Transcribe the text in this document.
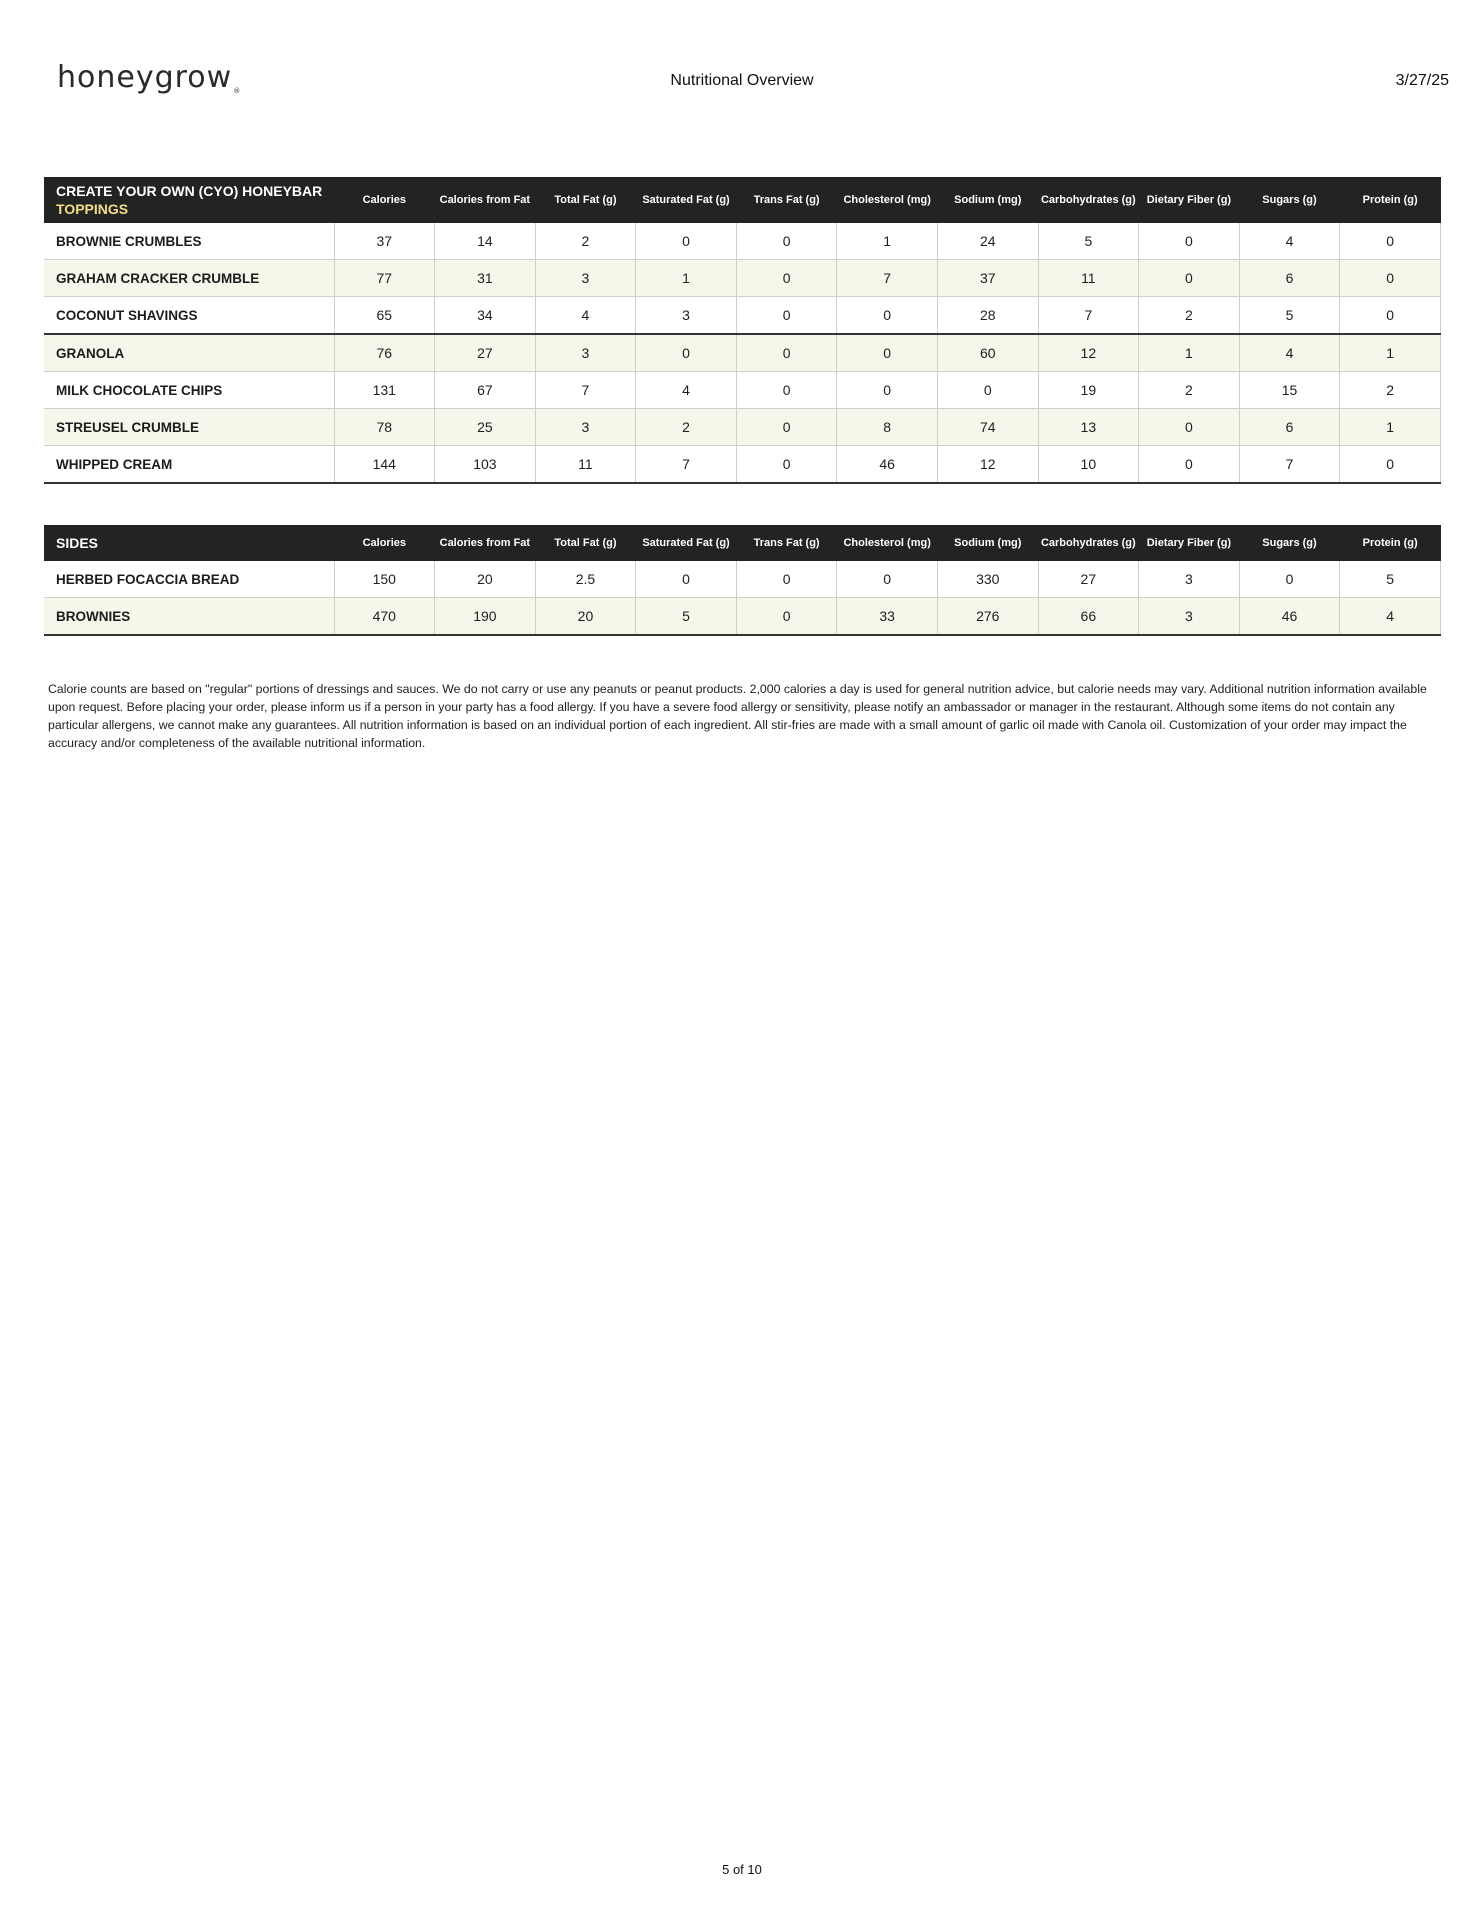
honeygrow®
Nutritional Overview	3/27/25
CREATE YOUR OWN (CYO) HONEYBAR
TOPPINGS	Calories	Calories from Fat	Total Fat (g)	Saturated Fat (g)	Trans Fat (g)	Cholesterol (mg)	Sodium (mg)	Carbohydrates (g)	Dietary Fiber (g)	Sugars (g)	Protein (g)
BROWNIE CRUMBLES	37	14	2	0	0	1	24	5	0	4	0
GRAHAM CRACKER CRUMBLE	77	31	3	1	0	7	37	11	0	6	0
COCONUT SHAVINGS	65	34	4	3	0	0	28	7	2	5	0
GRANOLA	76	27	3	0	0	0	60	12	1	4	1
MILK CHOCOLATE CHIPS	131	67	7	4	0	0	0	19	2	15	2
STREUSEL CRUMBLE	78	25	3	2	0	8	74	13	0	6	1
WHIPPED CREAM	144	103	11	7	0	46	12	10	0	7	0
SIDES	Calories	Calories from Fat	Total Fat (g)	Saturated Fat (g)	Trans Fat (g)	Cholesterol (mg)	Sodium (mg)	Carbohydrates (g)	Dietary Fiber (g)	Sugars (g)	Protein (g)
HERBED FOCACCIA BREAD	150	20	2.5	0	0	0	330	27	3	0	5
BROWNIES	470	190	20	5	0	33	276	66	3	46	4
Calorie counts are based on "regular" portions of dressings and sauces. We do not carry or use any peanuts or peanut products. 2,000 calories a day is used for general nutrition advice, but calorie needs may vary. Additional nutrition information available upon request. Before placing your order, please inform us if a person in your party has a food allergy. If you have a severe food allergy or sensitivity, please notify an ambassador or manager in the restaurant. Although some items do not contain any particular allergens, we cannot make any guarantees. All nutrition information is based on an individual portion of each ingredient. All stir-fries are made with a small amount of garlic oil made with Canola oil. Customization of your order may impact the accuracy and/or completeness of the available nutritional information.
5 of 10
